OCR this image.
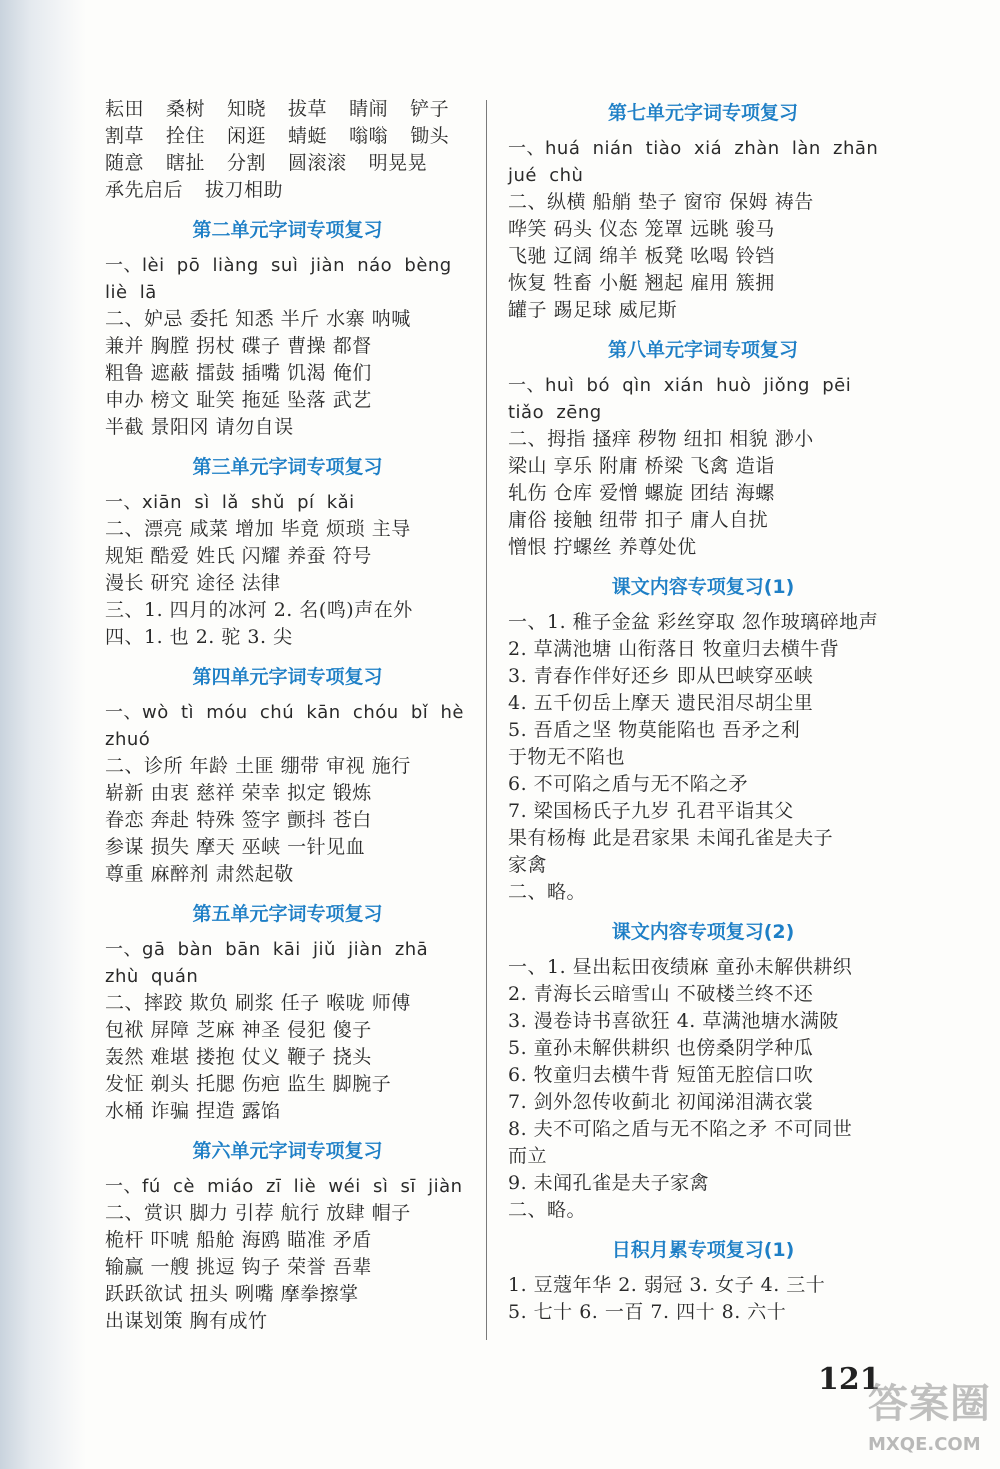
耘田 桑树 知晓 拔草 睛闹 铲子
割草 拴住 闲逛 蜻蜓 嗡嗡 锄头
随意 瞎扯 分割 圆滚滚 明晃晃
承先启后 拔刀相助
第二单元字词专项复习
一、lèi pō liàng suì jiàn náo bèng
liè lā
二、妒忌 委托 知悉 半斤 水寨 呐喊
兼并 胸膛 拐杖 碟子 曹操 都督
粗鲁 遮蔽 擂鼓 插嘴 饥渴 俺们
申办 榜文 耻笑 拖延 坠落 武艺
半截 景阳冈 请勿自误
第三单元字词专项复习
一、xiān sì lǎ shǔ pí kǎi
二、漂亮 咸菜 增加 毕竟 烦琐 主导
规矩 酷爱 姓氏 闪耀 养蚕 符号
漫长 研究 途径 法律
三、1. 四月的冰河 2. 名(鸣)声在外
四、1. 也 2. 驼 3. 尖
第四单元字词专项复习
一、wò tì móu chú kān chóu bǐ hè
zhuó
二、诊所 年龄 土匪 绷带 审视 施行
崭新 由衷 慈祥 荣幸 拟定 锻炼
眷恋 奔赴 特殊 签字 颤抖 苍白
参谋 损失 摩天 巫峡 一针见血
尊重 麻醉剂 肃然起敬
第五单元字词专项复习
一、gā bàn bān kāi jiǔ jiàn zhā
zhù quán
二、摔跤 欺负 刷浆 任子 喉咙 师傅
包袱 屏障 芝麻 神圣 侵犯 傻子
轰然 难堪 搂抱 仗义 鞭子 挠头
发怔 剃头 托腮 伤疤 监生 脚腕子
水桶 诈骗 捏造 露馅
第六单元字词专项复习
一、fú cè miáo zī liè wéi sì sī jiàn
二、赏识 脚力 引荐 航行 放肆 帽子
桅杆 吓唬 船舱 海鸥 瞄准 矛盾
输赢 一艘 挑逗 钩子 荣誉 吾辈
跃跃欲试 扭头 咧嘴 摩拳擦掌
出谋划策 胸有成竹
第七单元字词专项复习
一、huá nián tiào xiá zhàn làn zhān
jué chù
二、纵横 船艄 垫子 窗帘 保姆 祷告
哗笑 码头 仪态 笼罩 远眺 骏马
飞驰 辽阔 绵羊 板凳 吆喝 铃铛
恢复 牲畜 小艇 翘起 雇用 簇拥
罐子 踢足球 威尼斯
第八单元字词专项复习
一、huì bó qìn xián huò jiǒng pēi
tiǎo zēng
二、拇指 搔痒 秽物 纽扣 相貌 渺小
梁山 享乐 附庸 桥梁 飞禽 造诣
轧伤 仓库 爱憎 螺旋 团结 海螺
庸俗 接触 纽带 扣子 庸人自扰
憎恨 拧螺丝 养尊处优
课文内容专项复习(1)
一、1. 稚子金盆 彩丝穿取 忽作玻璃碎地声
2. 草满池塘 山衔落日 牧童归去横牛背
3. 青春作伴好还乡 即从巴峡穿巫峡
4. 五千仞岳上摩天 遗民泪尽胡尘里
5. 吾盾之坚 物莫能陷也 吾矛之利
于物无不陷也
6. 不可陷之盾与无不陷之矛
7. 梁国杨氏子九岁 孔君平诣其父
果有杨梅 此是君家果 未闻孔雀是夫子
家禽
二、略。
课文内容专项复习(2)
一、1. 昼出耘田夜绩麻 童孙未解供耕织
2. 青海长云暗雪山 不破楼兰终不还
3. 漫卷诗书喜欲狂 4. 草满池塘水满陂
5. 童孙未解供耕织 也傍桑阴学种瓜
6. 牧童归去横牛背 短笛无腔信口吹
7. 剑外忽传收蓟北 初闻涕泪满衣裳
8. 夫不可陷之盾与无不陷之矛 不可同世
而立
9. 未闻孔雀是夫子家禽
二、略。
日积月累专项复习(1)
1. 豆蔻年华 2. 弱冠 3. 女子 4. 三十
5. 七十 6. 一百 7. 四十 8. 六十
121
答案圈
MXQE.COM
